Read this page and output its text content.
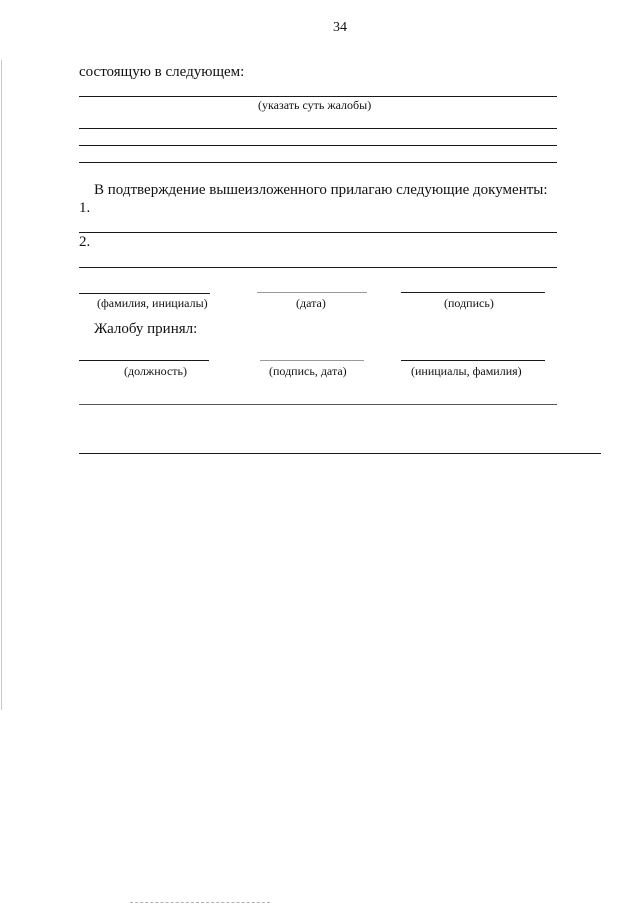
34
состоящую в следующем:
(указать суть жалобы)
В подтверждение вышеизложенного прилагаю следующие документы:
1.
2.
(фамилия, инициалы)	(дата)	(подпись)
Жалобу принял:
(должность)	(подпись, дата)	(инициалы, фамилия)
